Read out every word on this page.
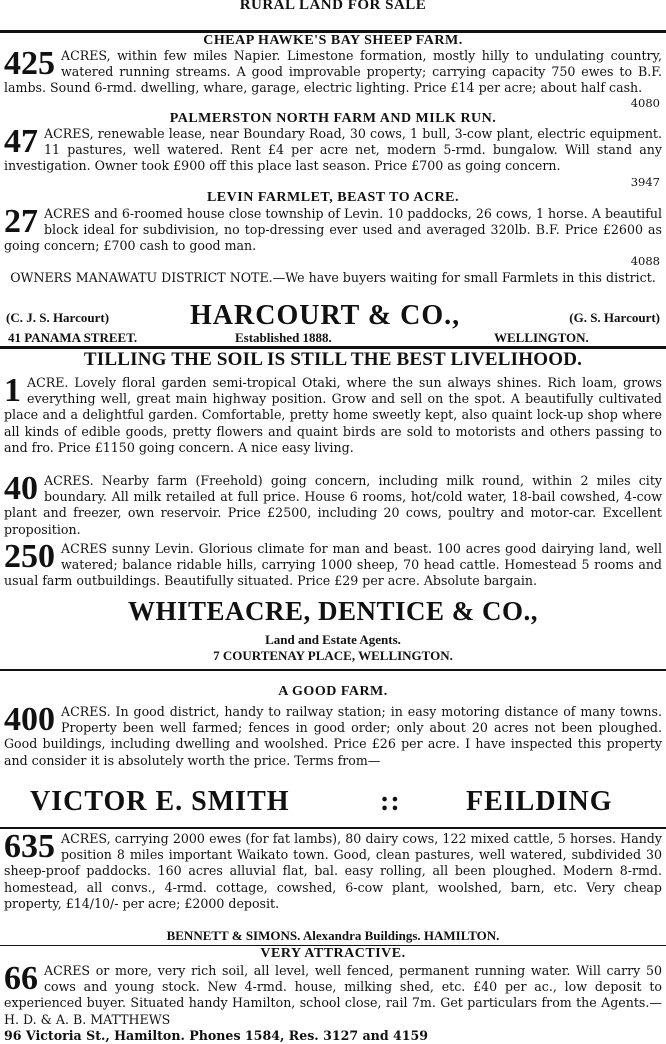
RURAL LAND FOR SALE
CHEAP HAWKE'S BAY SHEEP FARM.
425 ACRES, within few miles Napier. Limestone formation, mostly hilly to undulating country, watered running streams. A good improvable property; carrying capacity 750 ewes to B.F. lambs. Sound 6-rmd. dwelling, whare, garage, electric lighting. Price £14 per acre; about half cash.
4080
PALMERSTON NORTH FARM AND MILK RUN.
47 ACRES, renewable lease, near Boundary Road, 30 cows, 1 bull, 3-cow plant, electric equipment. 11 pastures, well watered. Rent £4 per acre net, modern 5-rmd. bungalow. Will stand any investigation. Owner took £900 off this place last season. Price £700 as going concern.
3947
LEVIN FARMLET, BEAST TO ACRE.
27 ACRES and 6-roomed house close township of Levin. 10 paddocks, 26 cows, 1 horse. A beautiful block ideal for subdivision, no top-dressing ever used and averaged 320lb. B.F. Price £2600 as going concern; £700 cash to good man.
4088
OWNERS MANAWATU DISTRICT NOTE.—We have buyers waiting for small Farmlets in this district.
(C. J. S. Harcourt)	HARCOURT & CO.,	(G. S. Harcourt)
41 PANAMA STREET.	Established 1888.	WELLINGTON.
TILLING THE SOIL IS STILL THE BEST LIVELIHOOD.
1 ACRE. Lovely floral garden semi-tropical Otaki, where the sun always shines. Rich loam, grows everything well, great main highway position. Grow and sell on the spot. A beautifully cultivated place and a delightful garden. Comfortable, pretty home sweetly kept, also quaint lock-up shop where all kinds of edible goods, pretty flowers and quaint birds are sold to motorists and others passing to and fro. Price £1150 going concern. A nice easy living.
40 ACRES. Nearby farm (Freehold) going concern, including milk round, within 2 miles city boundary. All milk retailed at full price. House 6 rooms, hot/cold water, 18-bail cowshed, 4-cow plant and freezer, own reservoir. Price £2500, including 20 cows, poultry and motor-car. Excellent proposition.
250 ACRES sunny Levin. Glorious climate for man and beast. 100 acres good dairying land, well watered; balance ridable hills, carrying 1000 sheep, 70 head cattle. Homestead 5 rooms and usual farm outbuildings. Beautifully situated. Price £29 per acre. Absolute bargain.
WHITEACRE, DENTICE & CO.,
Land and Estate Agents.
7 COURTENAY PLACE, WELLINGTON.
A GOOD FARM.
400 ACRES. In good district, handy to railway station; in easy motoring distance of many towns. Property been well farmed; fences in good order; only about 20 acres not been ploughed. Good buildings, including dwelling and woolshed. Price £26 per acre. I have inspected this property and consider it is absolutely worth the price. Terms from—
VICTOR E. SMITH	:: FEILDING
635 ACRES, carrying 2000 ewes (for fat lambs), 80 dairy cows, 122 mixed cattle, 5 horses. Handy position 8 miles important Waikato town. Good, clean pastures, well watered, subdivided 30 sheep-proof paddocks. 160 acres alluvial flat, bal. easy rolling, all been ploughed. Modern 8-rmd. homestead, all convs., 4-rmd. cottage, cowshed, 6-cow plant, woolshed, barn, etc. Very cheap property, £14/10/- per acre; £2000 deposit.
BENNETT & SIMONS. Alexandra Buildings. HAMILTON.
VERY ATTRACTIVE.
66 ACRES or more, very rich soil, all level, well fenced, permanent running water. Will carry 50 cows and young stock. New 4-rmd. house, milking shed, etc. £40 per ac., low deposit to experienced buyer. Situated handy Hamilton, school close, rail 7m. Get particulars from the Agents.—H. D. & A. B. MATTHEWS
96 Victoria St., Hamilton. Phones 1584, Res. 3127 and 4159
